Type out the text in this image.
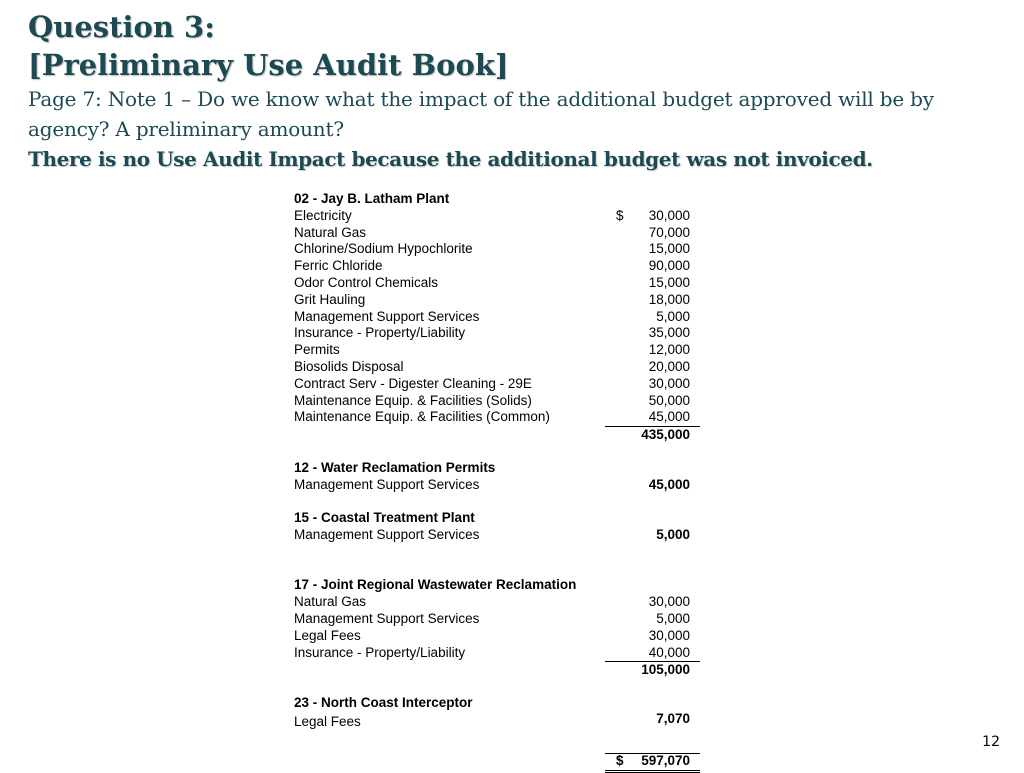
Question 3:
[Preliminary Use Audit Book]
Page 7: Note 1 – Do we know what the impact of the additional budget approved will be by agency? A preliminary amount?
There is no Use Audit Impact because the additional budget was not invoiced.
02 - Jay B. Latham Plant
Electricity	$ 30,000
Natural Gas	70,000
Chlorine/Sodium Hypochlorite	15,000
Ferric Chloride	90,000
Odor Control Chemicals	15,000
Grit Hauling	18,000
Management Support Services	5,000
Insurance - Property/Liability	35,000
Permits	12,000
Biosolids Disposal	20,000
Contract Serv - Digester Cleaning - 29E	30,000
Maintenance Equip. & Facilities (Solids)	50,000
Maintenance Equip. & Facilities (Common)	45,000
435,000
12 - Water Reclamation Permits
Management Support Services	45,000
15 - Coastal Treatment Plant
Management Support Services	5,000
17 - Joint Regional Wastewater Reclamation
Natural Gas	30,000
Management Support Services	5,000
Legal Fees	30,000
Insurance - Property/Liability	40,000
105,000
23 - North Coast Interceptor
Legal Fees	7,070
$ 597,070
12
